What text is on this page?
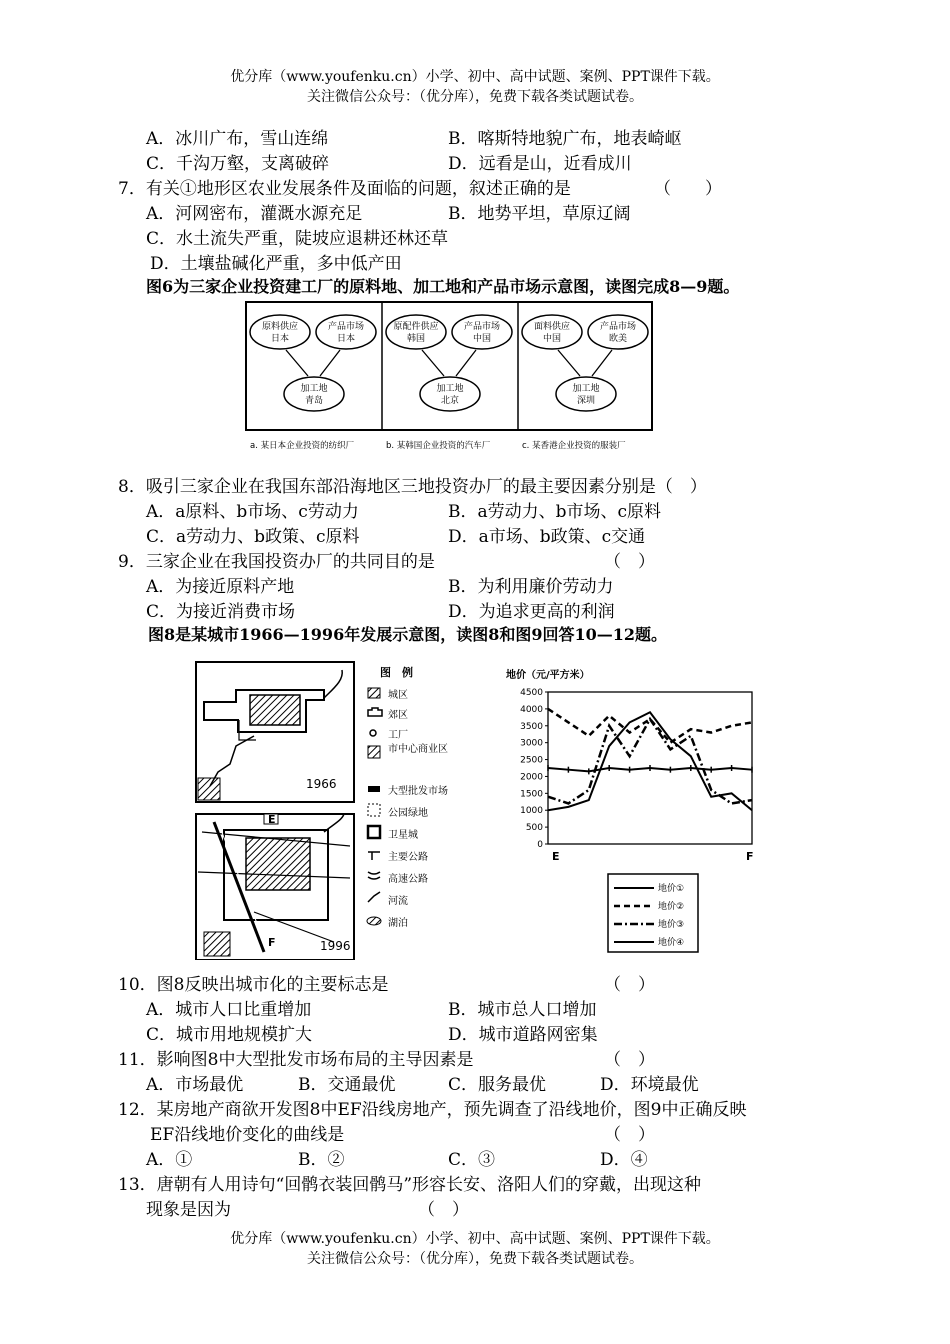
优分库（www.youfenku.cn）小学、初中、高中试题、案例、PPT课件下载。
关注微信公众号：（优分库），免费下载各类试题试卷。
A．冰川广布，雪山连绵	B．喀斯特地貌广布，地表崎岖
C．千沟万壑，支离破碎	D．远看是山，近看成川
7．有关①地形区农业发展条件及面临的问题，叙述正确的是	（　　）
A．河网密布，灌溉水源充足	B．地势平坦，草原辽阔
C．水土流失严重，陡坡应退耕还林还草
D．土壤盐碱化严重，多中低产田
图6为三家企业投资建工厂的原料地、加工地和产品市场示意图，读图完成8—9题。
原料供应
日本
产品市场
日本
加工地
青岛
a. 某日本企业投资的纺织厂
原配件供应
韩国
产品市场
中国
加工地
北京
b. 某韩国企业投资的汽车厂
面料供应
中国
产品市场
欧美
加工地
深圳
c. 某香港企业投资的服装厂
8．吸引三家企业在我国东部沿海地区三地投资办厂的最主要因素分别是（　）
A．a原料、b市场、c劳动力	B．a劳动力、b市场、c原料
C．a劳动力、b政策、c原料	D．a市场、b政策、c交通
9．三家企业在我国投资办厂的共同目的是	（　）
A．为接近原料产地	B．为利用廉价劳动力
C．为接近消费市场	D．为追求更高的利润
图8是某城市1966—1996年发展示意图，读图8和图9回答10—12题。
1966
E
F	1996
图　例
城区
郊区
工厂
市中心商业区
大型批发市场
公园绿地
卫星城
主要公路
高速公路
河流
湖泊
地价（元/平方米）
0
500
1000
1500
2000
2500
3000
3500
4000
4500
E	F
地价①
地价②
地价③
地价④
10．图8反映出城市化的主要标志是	（　）
A．城市人口比重增加	B．城市总人口增加
C．城市用地规模扩大	D．城市道路网密集
11．影响图8中大型批发市场布局的主导因素是	（　）
A．市场最优	B．交通最优	C．服务最优	D．环境最优
12．某房地产商欲开发图8中EF沿线房地产，预先调查了沿线地价，图9中正确反映
EF沿线地价变化的曲线是	（　）
A．①	B．②	C．③	D．④
13．唐朝有人用诗句“回鹘衣装回鹘马”形容长安、洛阳人们的穿戴，出现这种
现象是因为	（　）
优分库（www.youfenku.cn）小学、初中、高中试题、案例、PPT课件下载。
关注微信公众号：（优分库），免费下载各类试题试卷。
